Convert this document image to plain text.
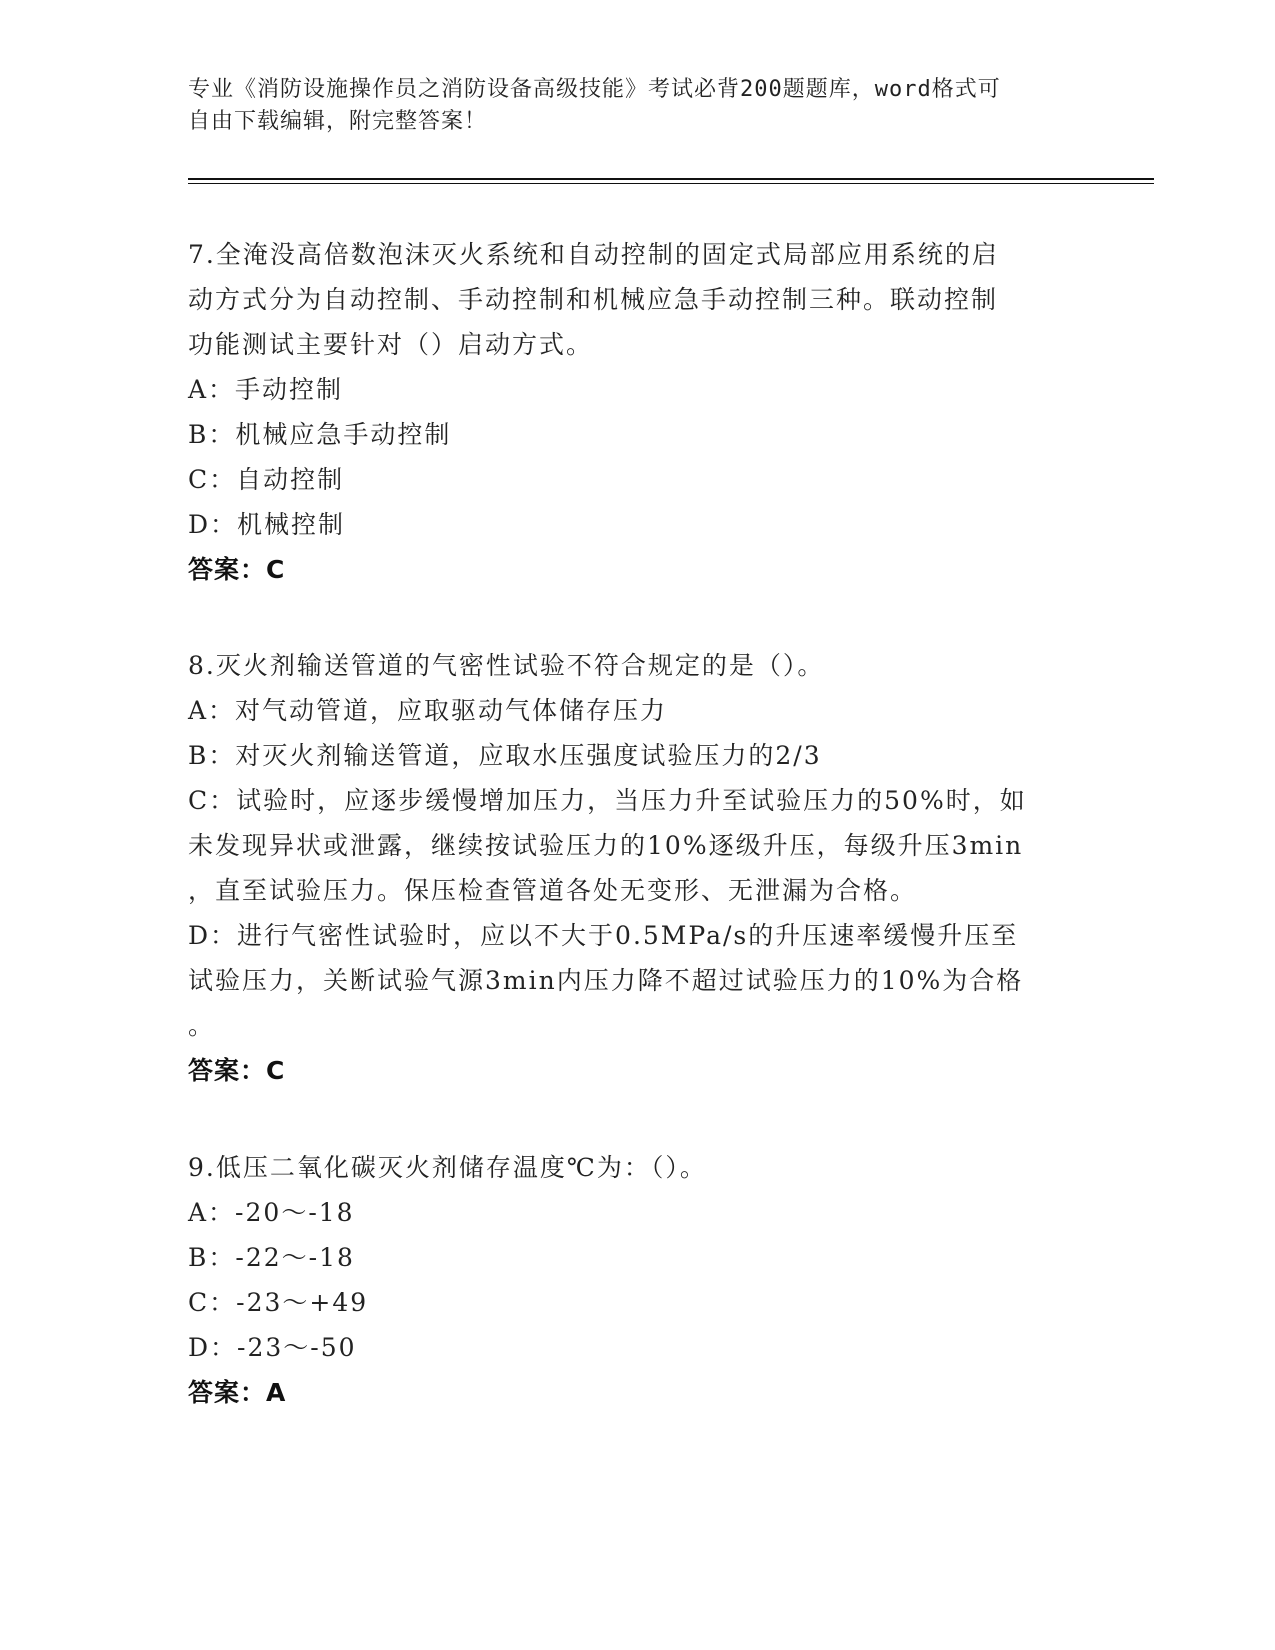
专业《消防设施操作员之消防设备高级技能》考试必背200题题库，word格式可
自由下载编辑，附完整答案！
7.全淹没高倍数泡沫灭火系统和自动控制的固定式局部应用系统的启
动方式分为自动控制、手动控制和机械应急手动控制三种。联动控制
功能测试主要针对（）启动方式。
A：手动控制
B：机械应急手动控制
C：自动控制
D：机械控制
答案：C
8.灭火剂输送管道的气密性试验不符合规定的是（）。
A：对气动管道，应取驱动气体储存压力
B：对灭火剂输送管道，应取水压强度试验压力的2/3
C：试验时，应逐步缓慢增加压力，当压力升至试验压力的50%时，如
未发现异状或泄露，继续按试验压力的10%逐级升压，每级升压3min
，直至试验压力。保压检查管道各处无变形、无泄漏为合格。
D：进行气密性试验时，应以不大于0.5MPa/s的升压速率缓慢升压至
试验压力，关断试验气源3min内压力降不超过试验压力的10%为合格
。
答案：C
9.低压二氧化碳灭火剂储存温度℃为：（）。
A：-20～-18
B：-22～-18
C：-23～+49
D：-23～-50
答案：A
